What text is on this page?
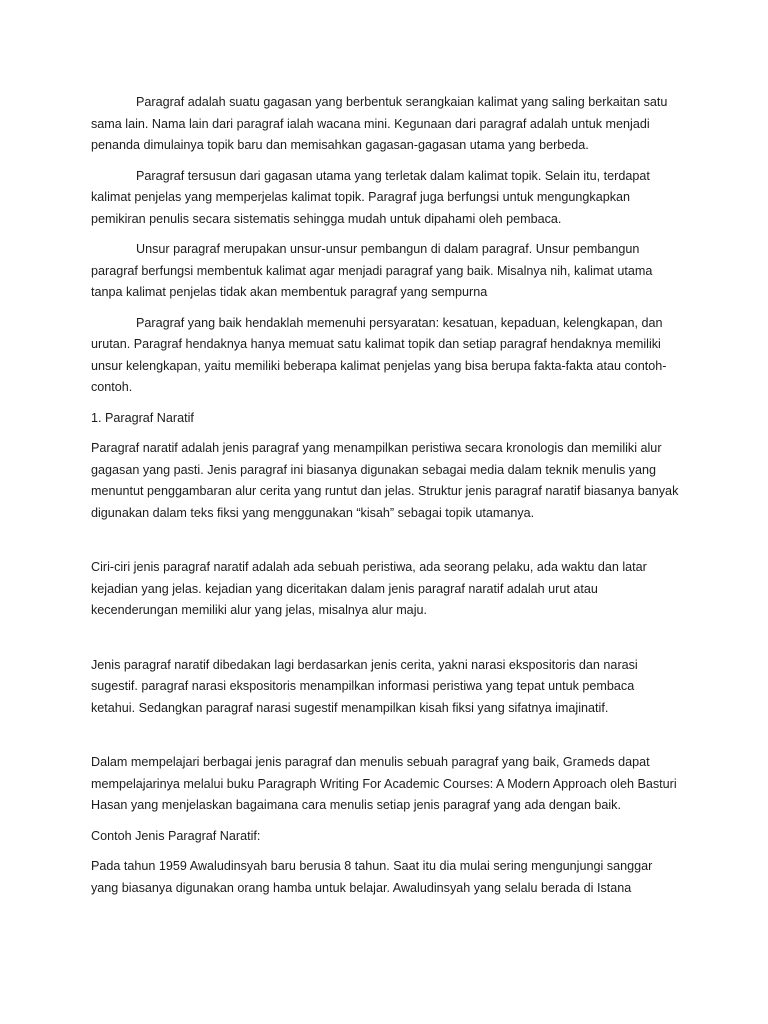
Paragraf adalah suatu gagasan yang berbentuk serangkaian kalimat yang saling berkaitan satu sama lain. Nama lain dari paragraf ialah wacana mini. Kegunaan dari paragraf adalah untuk menjadi penanda dimulainya topik baru dan memisahkan gagasan-gagasan utama yang berbeda.

Paragraf tersusun dari gagasan utama yang terletak dalam kalimat topik. Selain itu, terdapat kalimat penjelas yang memperjelas kalimat topik. Paragraf juga berfungsi untuk mengungkapkan pemikiran penulis secara sistematis sehingga mudah untuk dipahami oleh pembaca.

Unsur paragraf merupakan unsur-unsur pembangun di dalam paragraf. Unsur pembangun paragraf berfungsi membentuk kalimat agar menjadi paragraf yang baik. Misalnya nih, kalimat utama tanpa kalimat penjelas tidak akan membentuk paragraf yang sempurna

Paragraf yang baik hendaklah memenuhi persyaratan: kesatuan, kepaduan, kelengkapan, dan urutan. Paragraf hendaknya hanya memuat satu kalimat topik dan setiap paragraf hendaknya memiliki unsur kelengkapan, yaitu memiliki beberapa kalimat penjelas yang bisa berupa fakta-fakta atau contoh-contoh.

1. Paragraf Naratif

Paragraf naratif adalah jenis paragraf yang menampilkan peristiwa secara kronologis dan memiliki alur gagasan yang pasti. Jenis paragraf ini biasanya digunakan sebagai media dalam teknik menulis yang menuntut penggambaran alur cerita yang runtut dan jelas. Struktur jenis paragraf naratif biasanya banyak digunakan dalam teks fiksi yang menggunakan “kisah” sebagai topik utamanya.

Ciri-ciri jenis paragraf naratif adalah ada sebuah peristiwa, ada seorang pelaku, ada waktu dan latar kejadian yang jelas. kejadian yang diceritakan dalam jenis paragraf naratif adalah urut atau kecenderungan memiliki alur yang jelas, misalnya alur maju.

Jenis paragraf naratif dibedakan lagi berdasarkan jenis cerita, yakni narasi ekspositoris dan narasi sugestif. paragraf narasi ekspositoris menampilkan informasi peristiwa yang tepat untuk pembaca ketahui. Sedangkan paragraf narasi sugestif menampilkan kisah fiksi yang sifatnya imajinatif.

Dalam mempelajari berbagai jenis paragraf dan menulis sebuah paragraf yang baik, Grameds dapat mempelajarinya melalui buku Paragraph Writing For Academic Courses: A Modern Approach oleh Basturi Hasan yang menjelaskan bagaimana cara menulis setiap jenis paragraf yang ada dengan baik.

Contoh Jenis Paragraf Naratif:

Pada tahun 1959 Awaludinsyah baru berusia 8 tahun. Saat itu dia mulai sering mengunjungi sanggar yang biasanya digunakan orang hamba untuk belajar. Awaludinsyah yang selalu berada di Istana
